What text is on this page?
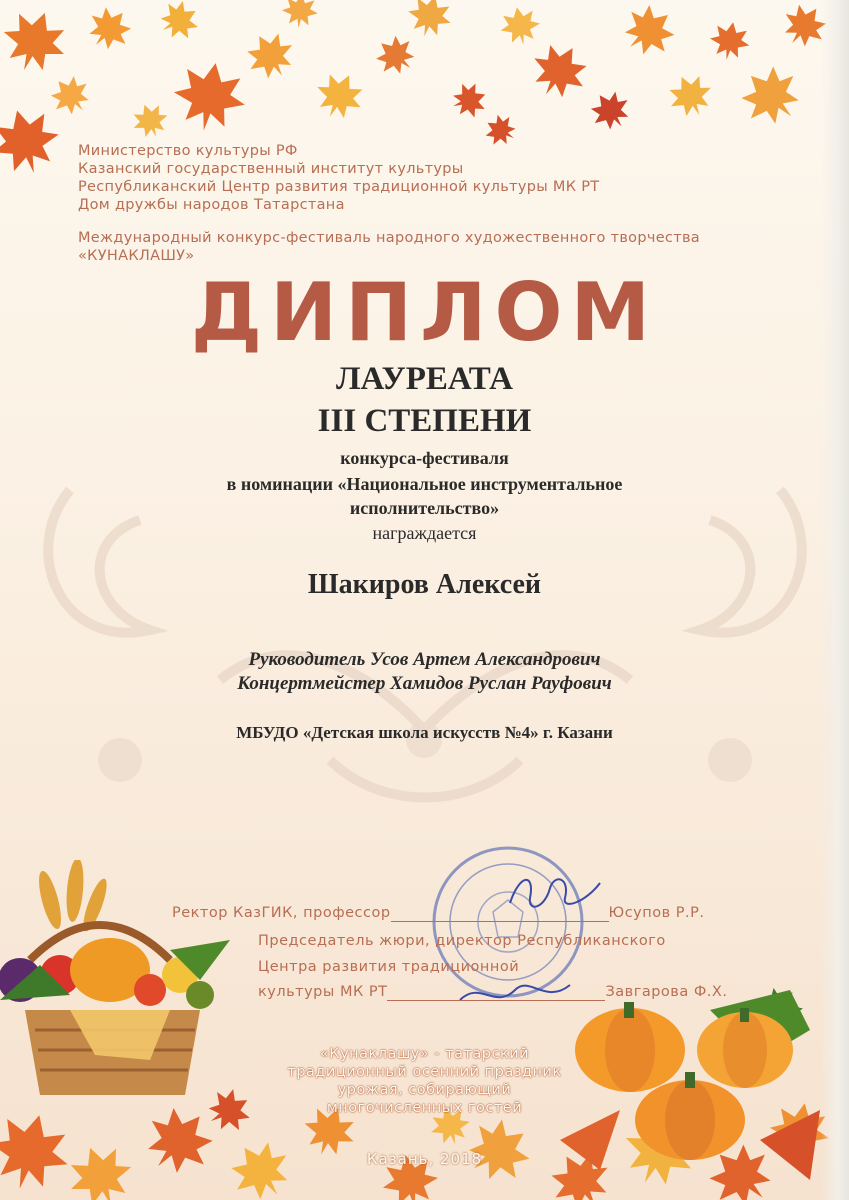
Министерство культуры РФ
Казанский государственный институт культуры
Республиканский Центр развития традиционной культуры МК РТ
Дом дружбы народов Татарстана
Международный конкурс-фестиваль народного художественного творчества
«КУНАКЛАШУ»
ДИПЛОМ
ЛАУРЕАТА
III СТЕПЕНИ
конкурса-фестиваля
в номинации «Национальное инструментальное
исполнительство»
награждается
Шакиров Алексей
Руководитель Усов Артем Александрович
Концертмейстер Хамидов Руслан Рауфович
МБУДО «Детская школа искусств №4» г. Казани
Ректор КазГИК, профессор	Юсупов Р.Р.
Председатель жюри, директор Республиканского
Центра развития традиционной
культуры МК РТ	Завгарова Ф.Х.
«Кунаклашу» - татарский
традиционный осенний праздник
урожая, собирающий
многочисленных гостей
Казань, 2018
